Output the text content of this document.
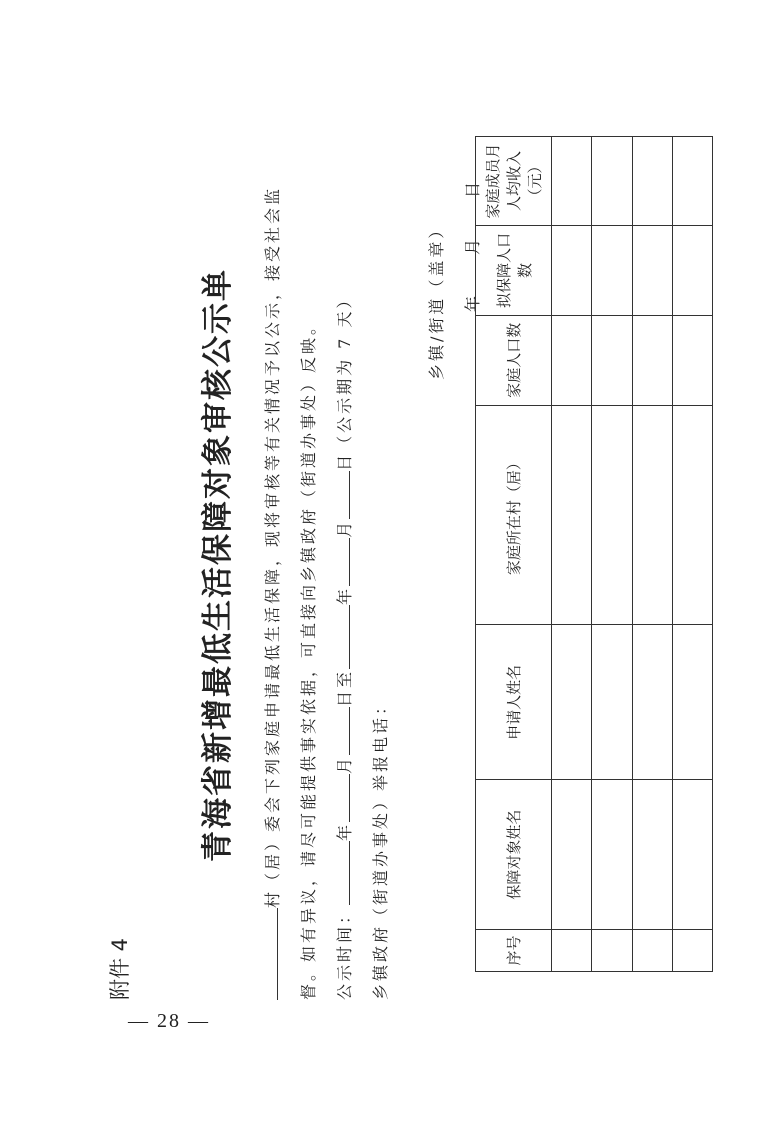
— 28 —
附件 4
青海省新增最低生活保障对象审核公示单 村（居）委会下列家庭申请最低生活保障，现将审核等有关情况予以公示，接受社会监 督。如有异议，请尽可能提供事实依据，可直接向乡镇政府（街道办事处）反映。 公示时间：年月日至年月日（公示期为 7 天）
乡镇政府（街道办事处）举报电话：
乡镇/街道（盖章） 年　　月　　日
序号	保障对象姓名	申请人姓名	家庭所在村（居）	家庭人口数	拟保障人口数	家庭成员月人均收入（元）
